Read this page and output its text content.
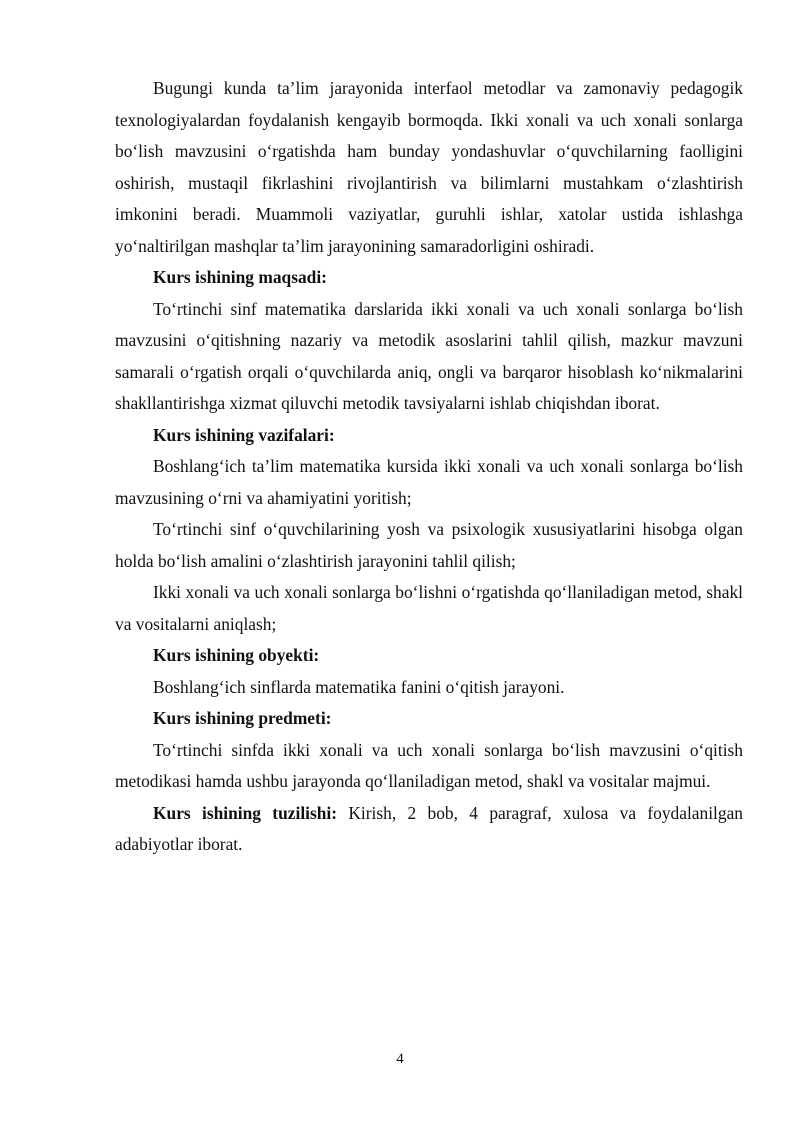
Bugungi kunda ta’lim jarayonida interfaol metodlar va zamonaviy pedagogik texnologiyalardan foydalanish kengayib bormoqda. Ikki xonali va uch xonali sonlarga bo‘lish mavzusini o‘rgatishda ham bunday yondashuvlar o‘quvchilarning faolligini oshirish, mustaqil fikrlashini rivojlantirish va bilimlarni mustahkam o‘zlashtirish imkonini beradi. Muammoli vaziyatlar, guruhli ishlar, xatolar ustida ishlashga yo‘naltirilgan mashqlar ta’lim jarayonining samaradorligini oshiradi.

Kurs ishining maqsadi:

To‘rtinchi sinf matematika darslarida ikki xonali va uch xonali sonlarga bo‘lish mavzusini o‘qitishning nazariy va metodik asoslarini tahlil qilish, mazkur mavzuni samarali o‘rgatish orqali o‘quvchilarda aniq, ongli va barqaror hisoblash ko‘nikmalarini shakllantirishga xizmat qiluvchi metodik tavsiyalarni ishlab chiqishdan iborat.

Kurs ishining vazifalari:

Boshlang‘ich ta’lim matematika kursida ikki xonali va uch xonali sonlarga bo‘lish mavzusining o‘rni va ahamiyatini yoritish;

To‘rtinchi sinf o‘quvchilarining yosh va psixologik xususiyatlarini hisobga olgan holda bo‘lish amalini o‘zlashtirish jarayonini tahlil qilish;

Ikki xonali va uch xonali sonlarga bo‘lishni o‘rgatishda qo‘llaniladigan metod, shakl va vositalarni aniqlash;

Kurs ishining obyekti:

Boshlang‘ich sinflarda matematika fanini o‘qitish jarayoni.

Kurs ishining predmeti:

To‘rtinchi sinfda ikki xonali va uch xonali sonlarga bo‘lish mavzusini o‘qitish metodikasi hamda ushbu jarayonda qo‘llaniladigan metod, shakl va vositalar majmui.

Kurs ishining tuzilishi: Kirish, 2 bob, 4 paragraf, xulosa va foydalanilgan adabiyotlar iborat.

4
